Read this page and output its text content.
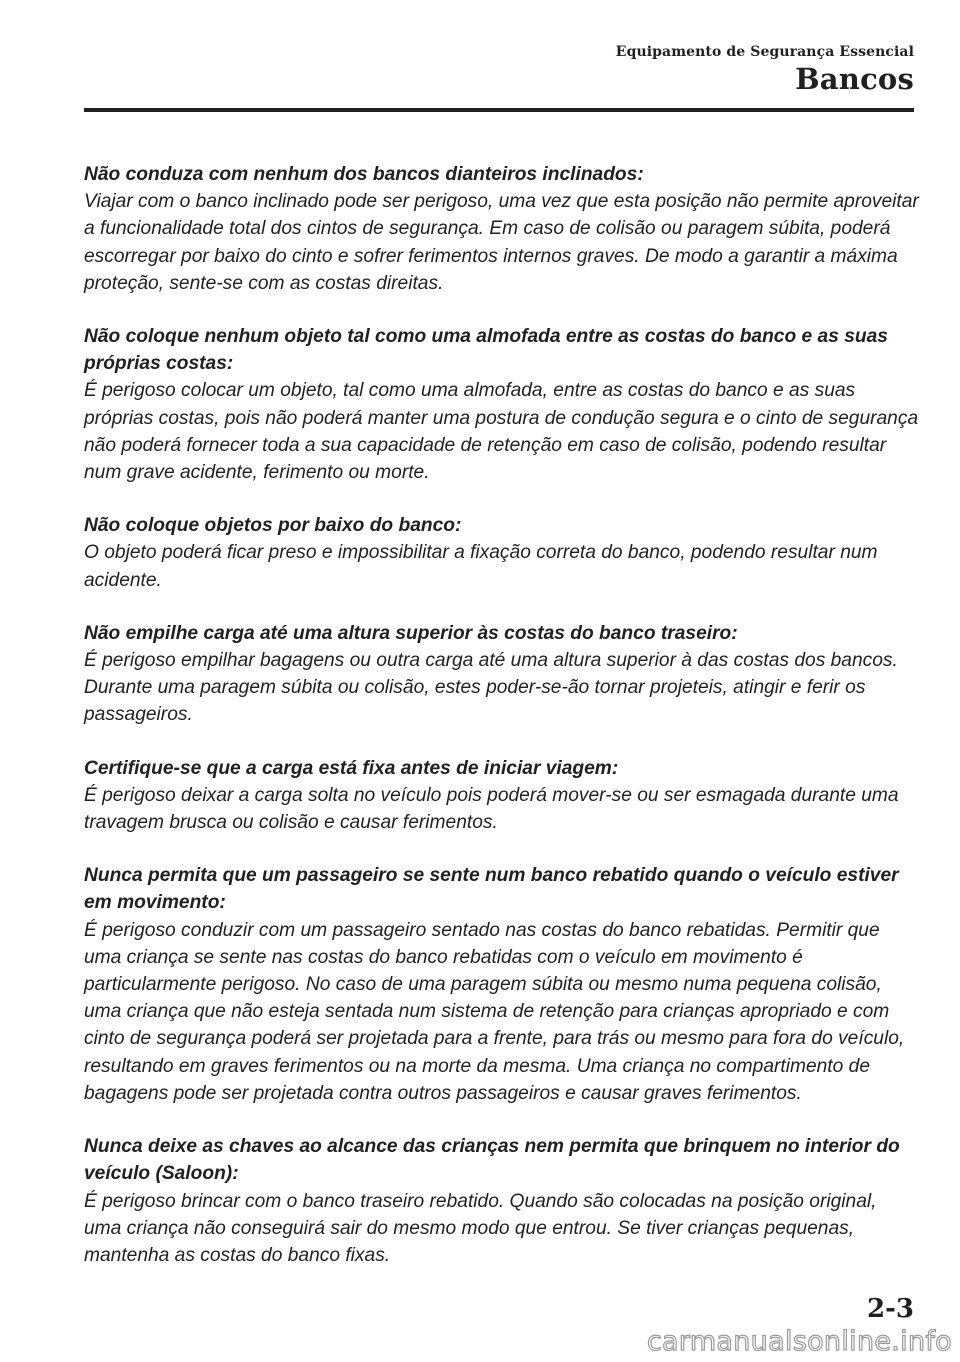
Equipamento de Segurança Essencial
Bancos
Não conduza com nenhum dos bancos dianteiros inclinados:

Viajar com o banco inclinado pode ser perigoso, uma vez que esta posição não permite aproveitar a funcionalidade total dos cintos de segurança. Em caso de colisão ou paragem súbita, poderá escorregar por baixo do cinto e sofrer ferimentos internos graves. De modo a garantir a máxima proteção, sente-se com as costas direitas.

Não coloque nenhum objeto tal como uma almofada entre as costas do banco e as suas próprias costas:

É perigoso colocar um objeto, tal como uma almofada, entre as costas do banco e as suas próprias costas, pois não poderá manter uma postura de condução segura e o cinto de segurança não poderá fornecer toda a sua capacidade de retenção em caso de colisão, podendo resultar num grave acidente, ferimento ou morte.

Não coloque objetos por baixo do banco:

O objeto poderá ficar preso e impossibilitar a fixação correta do banco, podendo resultar num acidente.

Não empilhe carga até uma altura superior às costas do banco traseiro:

É perigoso empilhar bagagens ou outra carga até uma altura superior à das costas dos bancos. Durante uma paragem súbita ou colisão, estes poder-se-ão tornar projeteis, atingir e ferir os passageiros.

Certifique-se que a carga está fixa antes de iniciar viagem:

É perigoso deixar a carga solta no veículo pois poderá mover-se ou ser esmagada durante uma travagem brusca ou colisão e causar ferimentos.

Nunca permita que um passageiro se sente num banco rebatido quando o veículo estiver em movimento:

É perigoso conduzir com um passageiro sentado nas costas do banco rebatidas. Permitir que uma criança se sente nas costas do banco rebatidas com o veículo em movimento é particularmente perigoso. No caso de uma paragem súbita ou mesmo numa pequena colisão, uma criança que não esteja sentada num sistema de retenção para crianças apropriado e com cinto de segurança poderá ser projetada para a frente, para trás ou mesmo para fora do veículo, resultando em graves ferimentos ou na morte da mesma. Uma criança no compartimento de bagagens pode ser projetada contra outros passageiros e causar graves ferimentos.

Nunca deixe as chaves ao alcance das crianças nem permita que brinquem no interior do veículo (Saloon):

É perigoso brincar com o banco traseiro rebatido. Quando são colocadas na posição original, uma criança não conseguirá sair do mesmo modo que entrou. Se tiver crianças pequenas, mantenha as costas do banco fixas.

2-3
carmanualsonline.info
